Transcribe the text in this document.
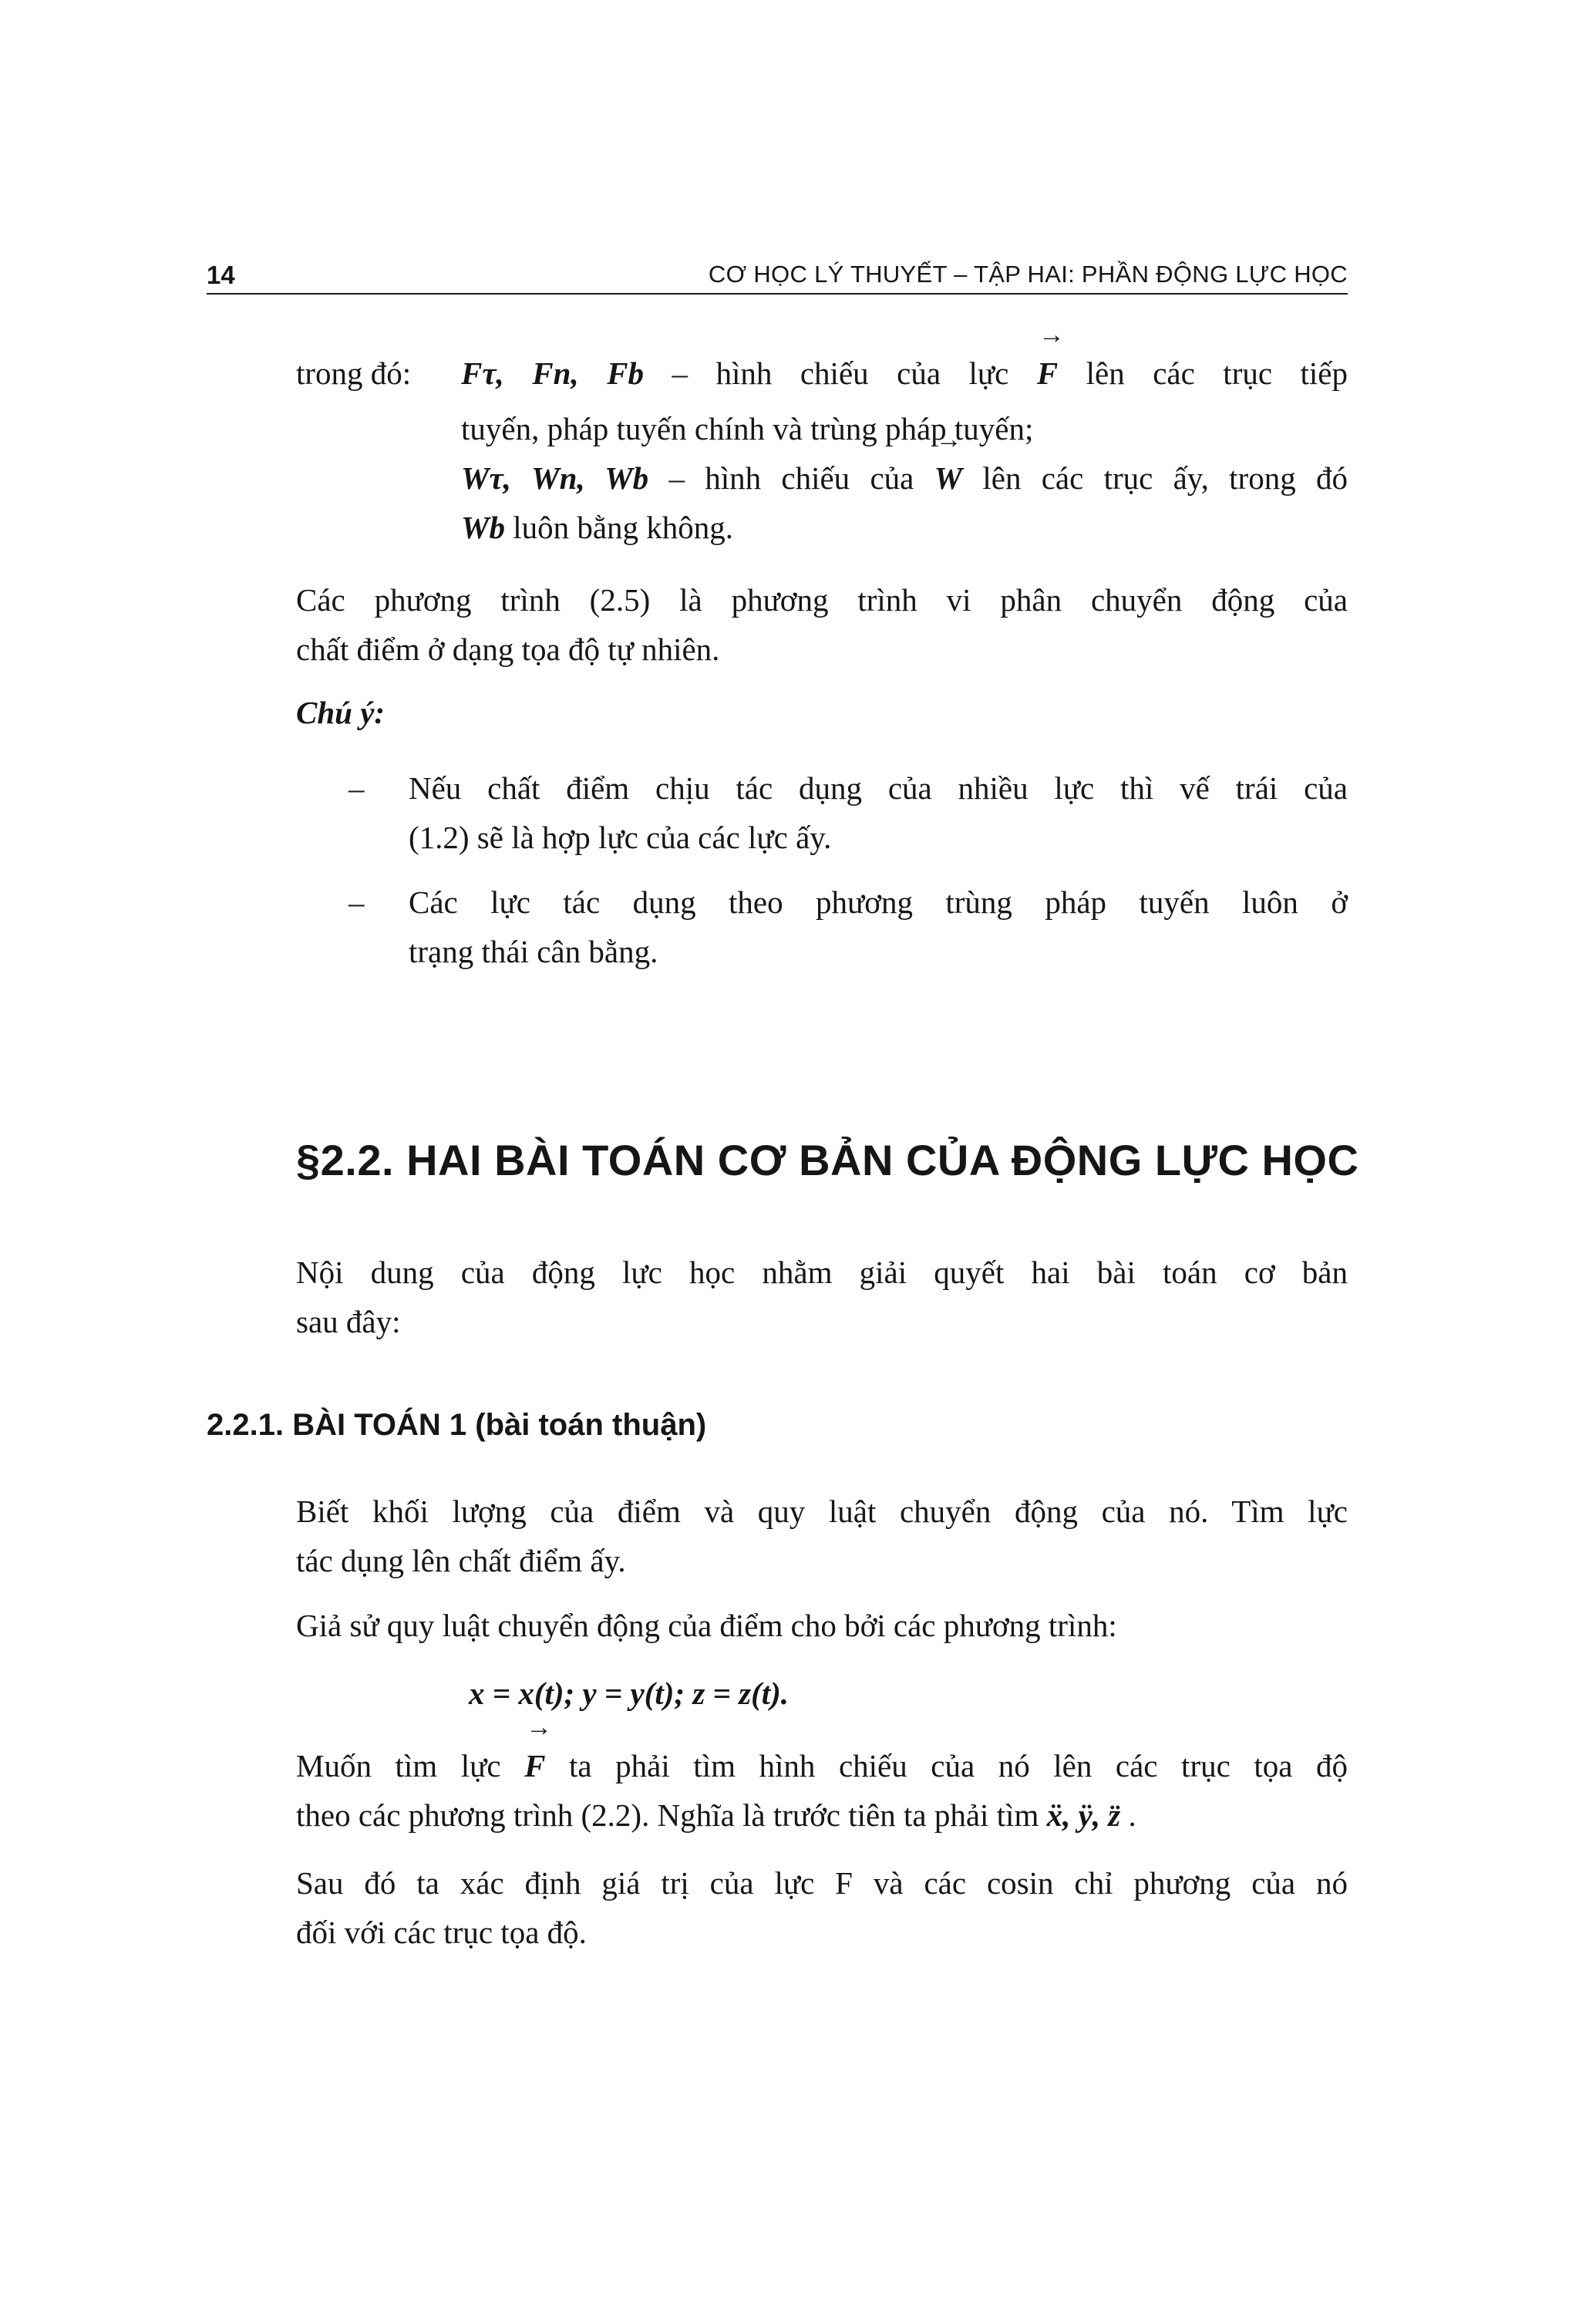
14	CƠ HỌC LÝ THUYẾT – TẬP HAI: PHẦN ĐỘNG LỰC HỌC
trong đó: Fτ, Fn, Fb – hình chiếu của lực → F lên các trục tiếp
tuyến, pháp tuyến chính và trùng pháp tuyến;
Wτ, Wn, Wb – hình chiếu của → W lên các trục ấy, trong đó
Wb luôn bằng không.
Các phương trình (2.5) là phương trình vi phân chuyển động của
chất điểm ở dạng tọa độ tự nhiên.
Chú ý:
– Nếu chất điểm chịu tác dụng của nhiều lực thì vế trái của
(1.2) sẽ là hợp lực của các lực ấy.
– Các lực tác dụng theo phương trùng pháp tuyến luôn ở
trạng thái cân bằng.
§2.2. HAI BÀI TOÁN CƠ BẢN CỦA ĐỘNG LỰC HỌC
Nội dung của động lực học nhằm giải quyết hai bài toán cơ bản
sau đây:
2.2.1. BÀI TOÁN 1 (bài toán thuận)
Biết khối lượng của điểm và quy luật chuyển động của nó. Tìm lực
tác dụng lên chất điểm ấy.
Giả sử quy luật chuyển động của điểm cho bởi các phương trình:
x = x(t); y = y(t); z = z(t).
Muốn tìm lực → F ta phải tìm hình chiếu của nó lên các trục tọa độ
theo các phương trình (2.2). Nghĩa là trước tiên ta phải tìm ẍ, ÿ, z̈ .
Sau đó ta xác định giá trị của lực F và các cosin chỉ phương của nó
đối với các trục tọa độ.
